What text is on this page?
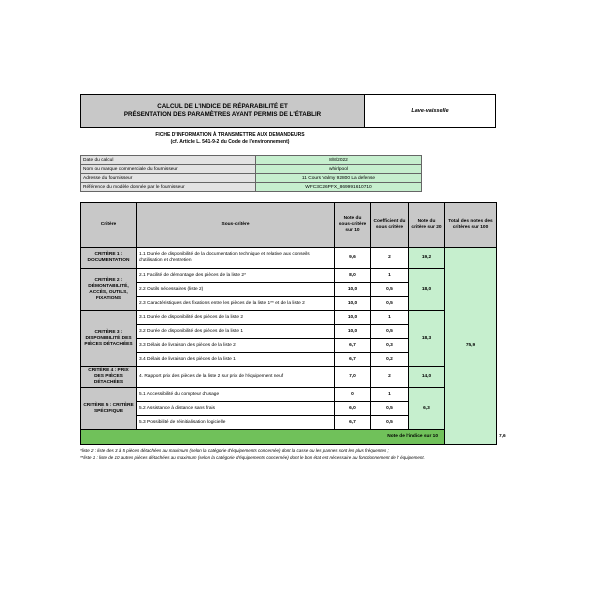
CALCUL DE L'INDICE DE RÉPARABILITÉ ET
PRÉSENTATION DES PARAMÈTRES AYANT PERMIS DE L'ÉTABLIR	Lave-vaisselle
FICHE D'INFORMATION À TRANSMETTRE AUX DEMANDEURS
(cf. Article L. 541-9-2 du Code de l'environnement)
Date du calcul	8/8/2022	
Nom ou marque commerciale du fournisseur	whirlpool	
Adresse du fournisseur	11 Cours Valmy 92800 La defense	
Référence du modèle donnée par le fournisseur	WFC3C26PFX_869991610710	
Critère	Sous-critère	Note du sous-critère sur 10	Coefficient du sous critère	Note du critère sur 20	Total des notes des critères sur 100	
CRITÈRE 1 : DOCUMENTATION	1.1 Durée de disponibilité de la documentation technique et relative aux conseils d'utilisation et d'entretien	9,6	2	19,2	75,9	
CRITÈRE 2 : DÉMONTABILITÉ, ACCÈS, OUTILS, FIXATIONS	2.1 Facilité de démontage des pièces de la liste 2*	8,0	1	18,0		
	2.2 Outils nécessaires (liste 2)	10,0	0,5			
	2.3 Caractéristiques des fixations entre les pièces de la liste 1** et de la liste 2	10,0	0,5			
CRITÈRE 3 : DISPONIBILITÉ DES PIÈCES DÉTACHÉES	3.1 Durée de disponibilité des pièces de la liste 2	10,0	1	18,3		
	3.2 Durée de disponibilité des pièces de la liste 1	10,0	0,5			
	3.3 Délais de livraison des pièces de la liste 2	6,7	0,3			
	3.4 Délais de livraison des pièces de la liste 1	6,7	0,2			
CRITÈRE 4 : PRIX DES PIÈCES DÉTACHÉES	4. Rapport prix des pièces de la liste 2 sur prix de l'équipement neuf	7,0	2	14,0		
CRITÈRE 5 : CRITÈRE SPÉCIFIQUE	5.1 Accessibilité du compteur d'usage	0	1	6,3		
	5.2 Assistance à distance sans frais	6,0	0,5			
	5.3 Possibilité de réinitialisation logicielle	6,7	0,5			
Note de l'indice sur 10						7,6
*liste 2 : liste des 3 à 5 pièces détachées au maximum (selon la catégorie d'équipements concernée) dont la casse ou les pannes sont les plus fréquentes ;
**liste 1 : liste de 10 autres pièces détachées au maximum (selon la catégorie d'équipements concernée) dont le bon état est nécessaire au fonctionnement de l' équipement.
